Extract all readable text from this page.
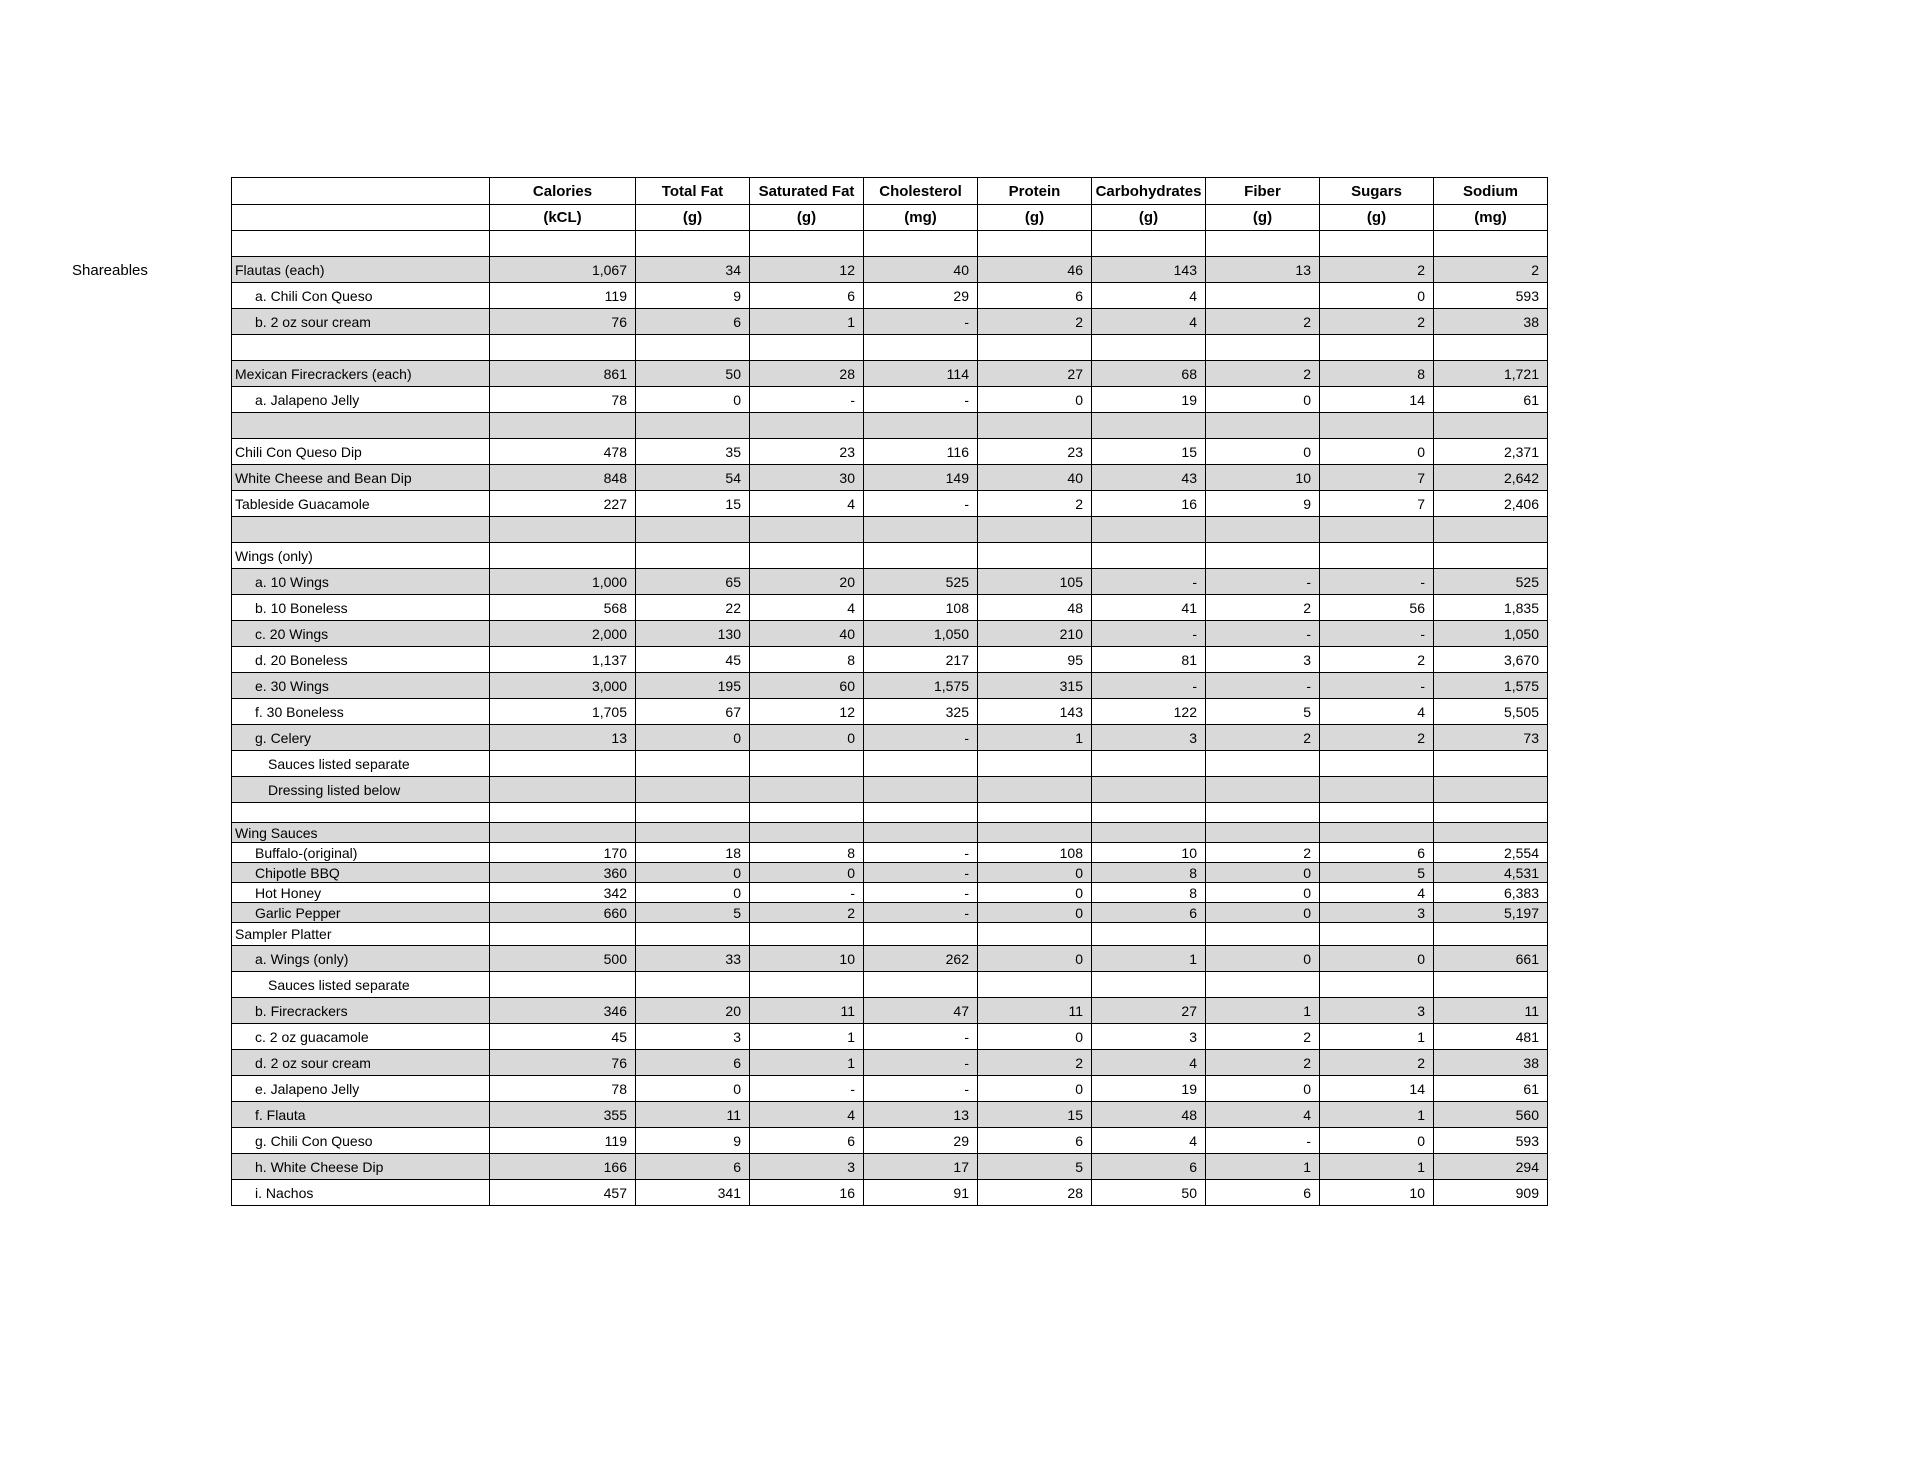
Shareables
	Calories	Total Fat	Saturated Fat	Cholesterol	Protein	Carbohydrates	Fiber	Sugars	Sodium
	(kCL)	(g)	(g)	(mg)	(g)	(g)	(g)	(g)	(mg)

Flautas (each)	1,067	34	12	40	46	143	13	2	2
a. Chili Con Queso	119	9	6	29	6	4		0	593
b. 2 oz sour cream	76	6	1	-	2	4	2	2	38

Mexican Firecrackers (each)	861	50	28	114	27	68	2	8	1,721
a. Jalapeno Jelly	78	0	-	-	0	19	0	14	61

Chili Con Queso Dip	478	35	23	116	23	15	0	0	2,371
White Cheese and Bean Dip	848	54	30	149	40	43	10	7	2,642
Tableside Guacamole	227	15	4	-	2	16	9	7	2,406

Wings (only)									
a. 10 Wings	1,000	65	20	525	105	-	-	-	525
b. 10 Boneless	568	22	4	108	48	41	2	56	1,835
c. 20 Wings	2,000	130	40	1,050	210	-	-	-	1,050
d. 20 Boneless	1,137	45	8	217	95	81	3	2	3,670
e. 30 Wings	3,000	195	60	1,575	315	-	-	-	1,575
f. 30 Boneless	1,705	67	12	325	143	122	5	4	5,505
g. Celery	13	0	0	-	1	3	2	2	73
Sauces listed separate									
Dressing listed below									

Wing Sauces									
Buffalo-(original)	170	18	8	-	108	10	2	6	2,554
Chipotle BBQ	360	0	0	-	0	8	0	5	4,531
Hot Honey	342	0	-	-	0	8	0	4	6,383
Garlic Pepper	660	5	2	-	0	6	0	3	5,197
Sampler Platter									
a. Wings (only)	500	33	10	262	0	1	0	0	661
Sauces listed separate									
b. Firecrackers	346	20	11	47	11	27	1	3	11
c. 2 oz guacamole	45	3	1	-	0	3	2	1	481
d. 2 oz sour cream	76	6	1	-	2	4	2	2	38
e. Jalapeno Jelly	78	0	-	-	0	19	0	14	61
f. Flauta	355	11	4	13	15	48	4	1	560
g. Chili Con Queso	119	9	6	29	6	4	-	0	593
h. White Cheese Dip	166	6	3	17	5	6	1	1	294
i. Nachos	457	341	16	91	28	50	6	10	909
